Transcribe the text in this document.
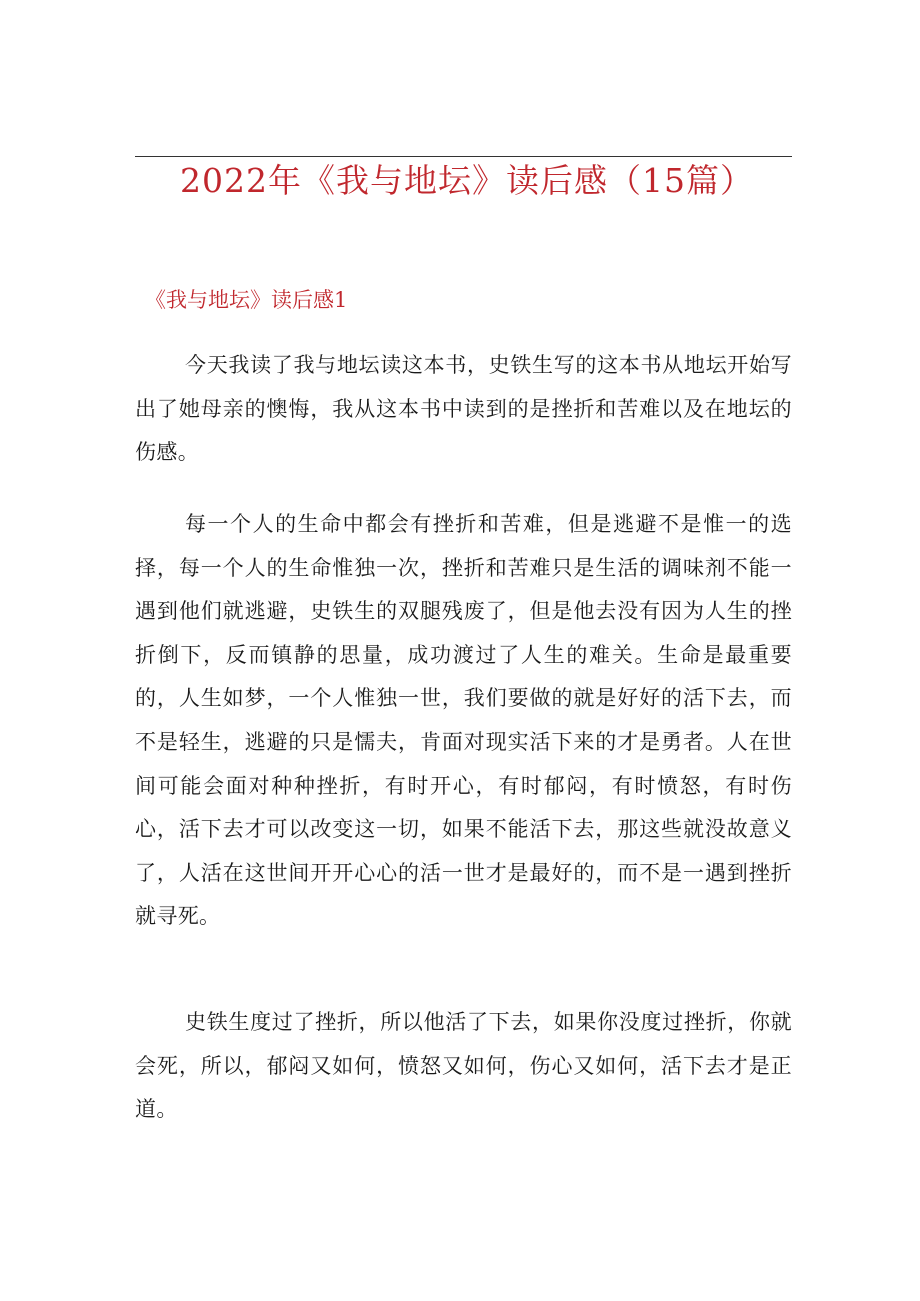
2022年《我与地坛》读后感（15篇）
《我与地坛》读后感1

今天我读了我与地坛读这本书，史铁生写的这本书从地坛开始写出了她母亲的懊悔，我从这本书中读到的是挫折和苦难以及在地坛的伤感。

每一个人的生命中都会有挫折和苦难，但是逃避不是惟一的选择，每一个人的生命惟独一次，挫折和苦难只是生活的调味剂不能一遇到他们就逃避，史铁生的双腿残废了，但是他去没有因为人生的挫折倒下，反而镇静的思量，成功渡过了人生的难关。生命是最重要的，人生如梦，一个人惟独一世，我们要做的就是好好的活下去，而不是轻生，逃避的只是懦夫，肯面对现实活下来的才是勇者。人在世间可能会面对种种挫折，有时开心，有时郁闷，有时愤怒，有时伤心，活下去才可以改变这一切，如果不能活下去，那这些就没故意义了，人活在这世间开开心心的活一世才是最好的，而不是一遇到挫折就寻死。

史铁生度过了挫折，所以他活了下去，如果你没度过挫折，你就会死，所以，郁闷又如何，愤怒又如何，伤心又如何，活下去才是正道。
